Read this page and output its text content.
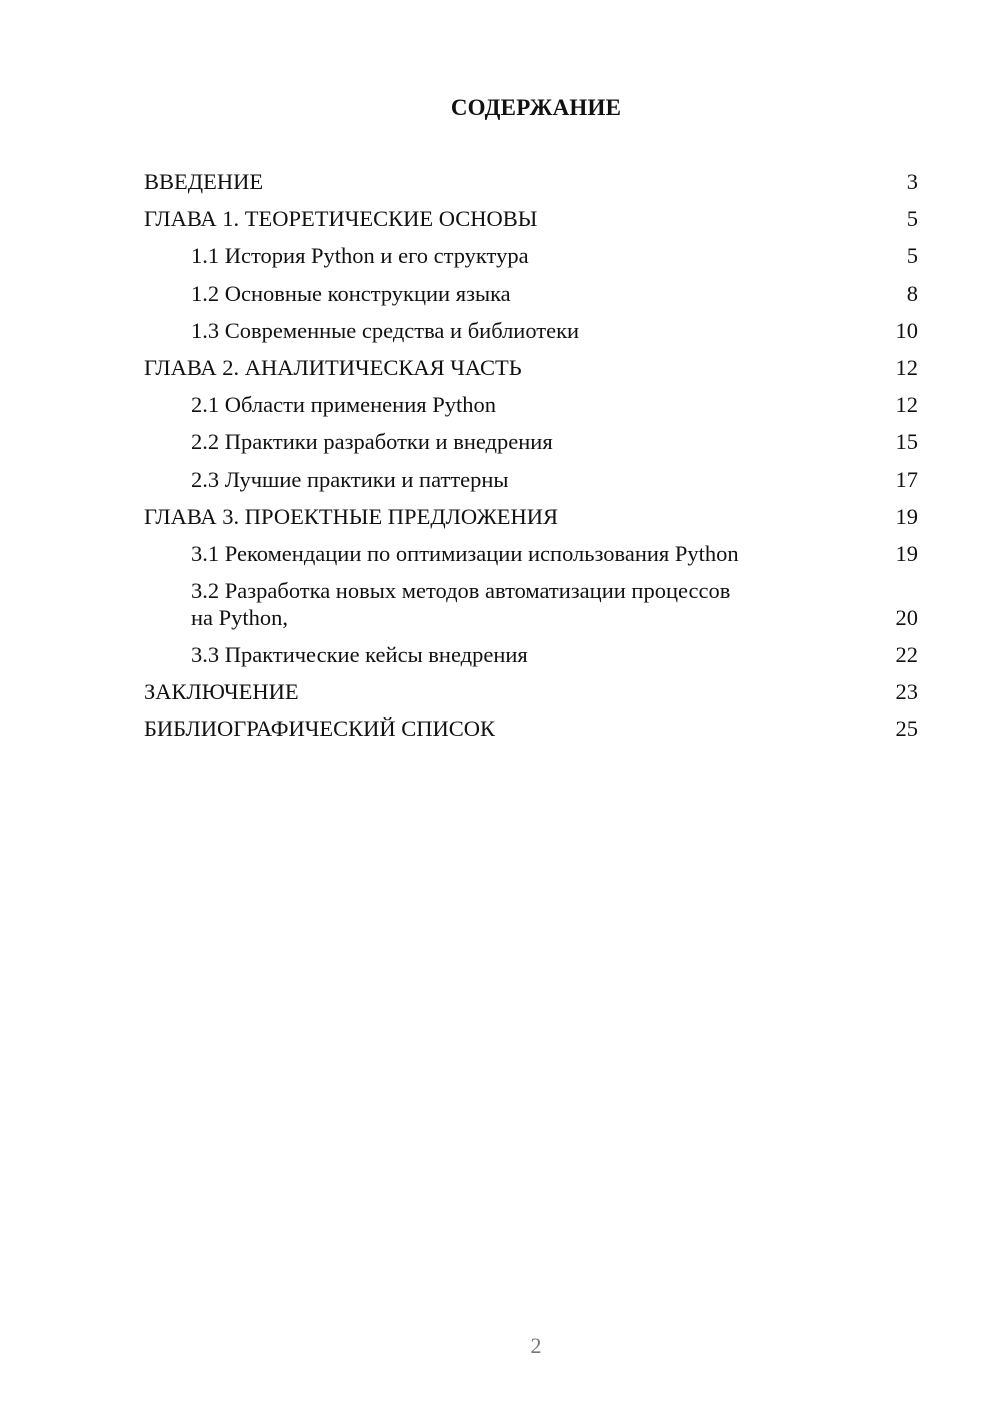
СОДЕРЖАНИЕ
ВВЕДЕНИЕ	3
ГЛАВА 1. ТЕОРЕТИЧЕСКИЕ ОСНОВЫ	5
1.1 История Python и его структура	5
1.2 Основные конструкции языка	8
1.3 Современные средства и библиотеки	10
ГЛАВА 2. АНАЛИТИЧЕСКАЯ ЧАСТЬ	12
2.1 Области применения Python	12
2.2 Практики разработки и внедрения	15
2.3 Лучшие практики и паттерны	17
ГЛАВА 3. ПРОЕКТНЫЕ ПРЕДЛОЖЕНИЯ	19
3.1 Рекомендации по оптимизации использования Python	19
3.2 Разработка новых методов автоматизации процессов
на Python,	20
3.3 Практические кейсы внедрения	22
ЗАКЛЮЧЕНИЕ	23
БИБЛИОГРАФИЧЕСКИЙ СПИСОК	25
2
